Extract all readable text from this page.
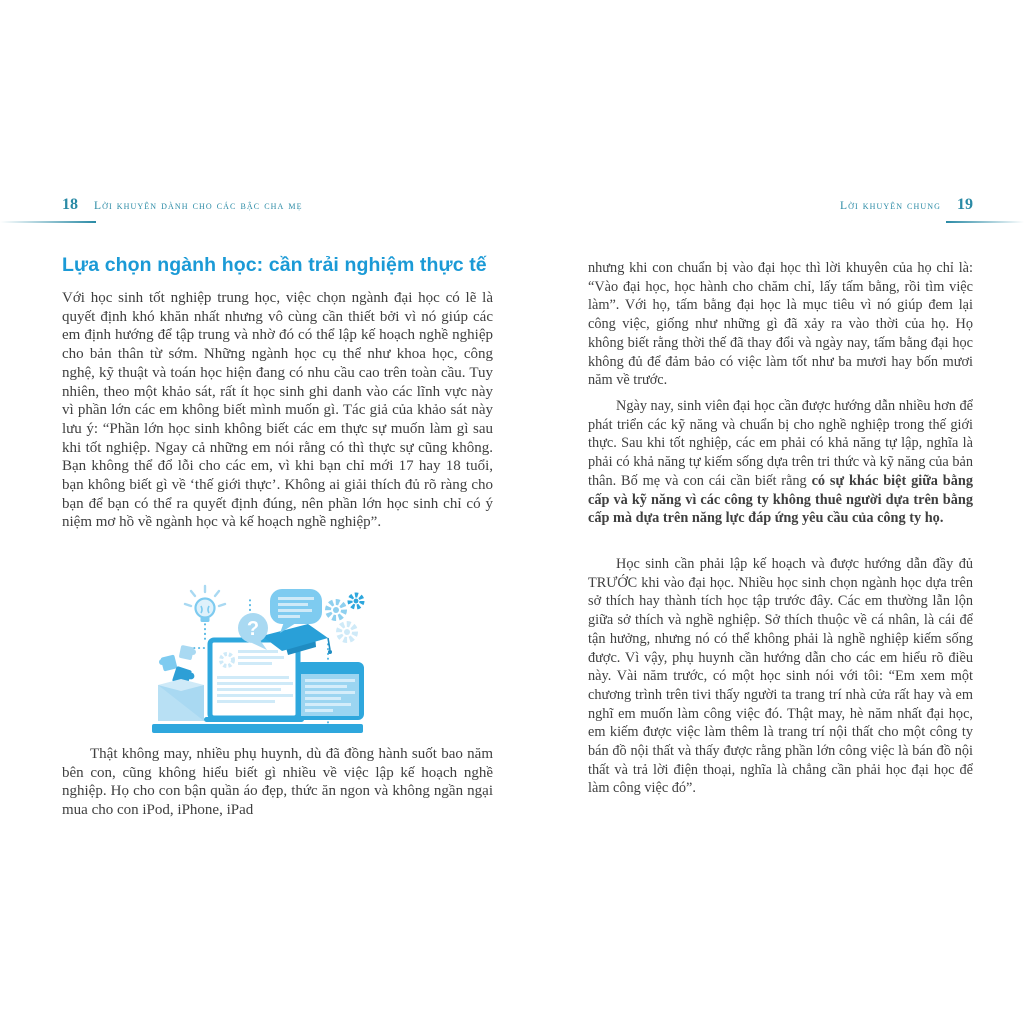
18 Lời khuyên dành cho các bậc cha mẹ
Lựa chọn ngành học: cần trải nghiệm thực tế

Với học sinh tốt nghiệp trung học, việc chọn ngành đại học có lẽ là quyết định khó khăn nhất nhưng vô cùng cần thiết bởi vì nó giúp các em định hướng để tập trung và nhờ đó có thể lập kế hoạch nghề nghiệp cho bản thân từ sớm. Những ngành học cụ thể như khoa học, công nghệ, kỹ thuật và toán học hiện đang có nhu cầu cao trên toàn cầu. Tuy nhiên, theo một khảo sát, rất ít học sinh ghi danh vào các lĩnh vực này vì phần lớn các em không biết mình muốn gì. Tác giả của khảo sát này lưu ý: “Phần lớn học sinh không biết các em thực sự muốn làm gì sau khi tốt nghiệp. Ngay cả những em nói rằng có thì thực sự cũng không. Bạn không thể đổ lỗi cho các em, vì khi bạn chỉ mới 17 hay 18 tuổi, bạn không biết gì về ‘thế giới thực’. Không ai giải thích đủ rõ ràng cho bạn để bạn có thể ra quyết định đúng, nên phần lớn học sinh chỉ có ý niệm mơ hồ về ngành học và kế hoạch nghề nghiệp”.

?

Thật không may, nhiều phụ huynh, dù đã đồng hành suốt bao năm bên con, cũng không hiểu biết gì nhiều về việc lập kế hoạch nghề nghiệp. Họ cho con bận quần áo đẹp, thức ăn ngon và không ngần ngại mua cho con iPod, iPhone, iPad

Lời khuyên chung 19

nhưng khi con chuẩn bị vào đại học thì lời khuyên của họ chỉ là: “Vào đại học, học hành cho chăm chỉ, lấy tấm bằng, rồi tìm việc làm”. Với họ, tấm bằng đại học là mục tiêu vì nó giúp đem lại công việc, giống như những gì đã xảy ra vào thời của họ. Họ không biết rằng thời thế đã thay đổi và ngày nay, tấm bằng đại học không đủ để đảm bảo có việc làm tốt như ba mươi hay bốn mươi năm về trước.

Ngày nay, sinh viên đại học cần được hướng dẫn nhiều hơn để phát triển các kỹ năng và chuẩn bị cho nghề nghiệp trong thế giới thực. Sau khi tốt nghiệp, các em phải có khả năng tự lập, nghĩa là phải có khả năng tự kiếm sống dựa trên tri thức và kỹ năng của bản thân. Bố mẹ và con cái cần biết rằng có sự khác biệt giữa bằng cấp và kỹ năng vì các công ty không thuê người dựa trên bằng cấp mà dựa trên năng lực đáp ứng yêu cầu của công ty họ.

Học sinh cần phải lập kế hoạch và được hướng dẫn đầy đủ TRƯỚC khi vào đại học. Nhiều học sinh chọn ngành học dựa trên sở thích hay thành tích học tập trước đây. Các em thường lẫn lộn giữa sở thích và nghề nghiệp. Sở thích thuộc về cá nhân, là cái để tận hưởng, nhưng nó có thể không phải là nghề nghiệp kiếm sống được. Vì vậy, phụ huynh cần hướng dẫn cho các em hiểu rõ điều này. Vài năm trước, có một học sinh nói với tôi: “Em xem một chương trình trên tivi thấy người ta trang trí nhà cửa rất hay và em nghĩ em muốn làm công việc đó. Thật may, hè năm nhất đại học, em kiếm được việc làm thêm là trang trí nội thất cho một công ty bán đồ nội thất và thấy được rằng phần lớn công việc là bán đồ nội thất và trả lời điện thoại, nghĩa là chẳng cần phải học đại học để làm công việc đó”.
